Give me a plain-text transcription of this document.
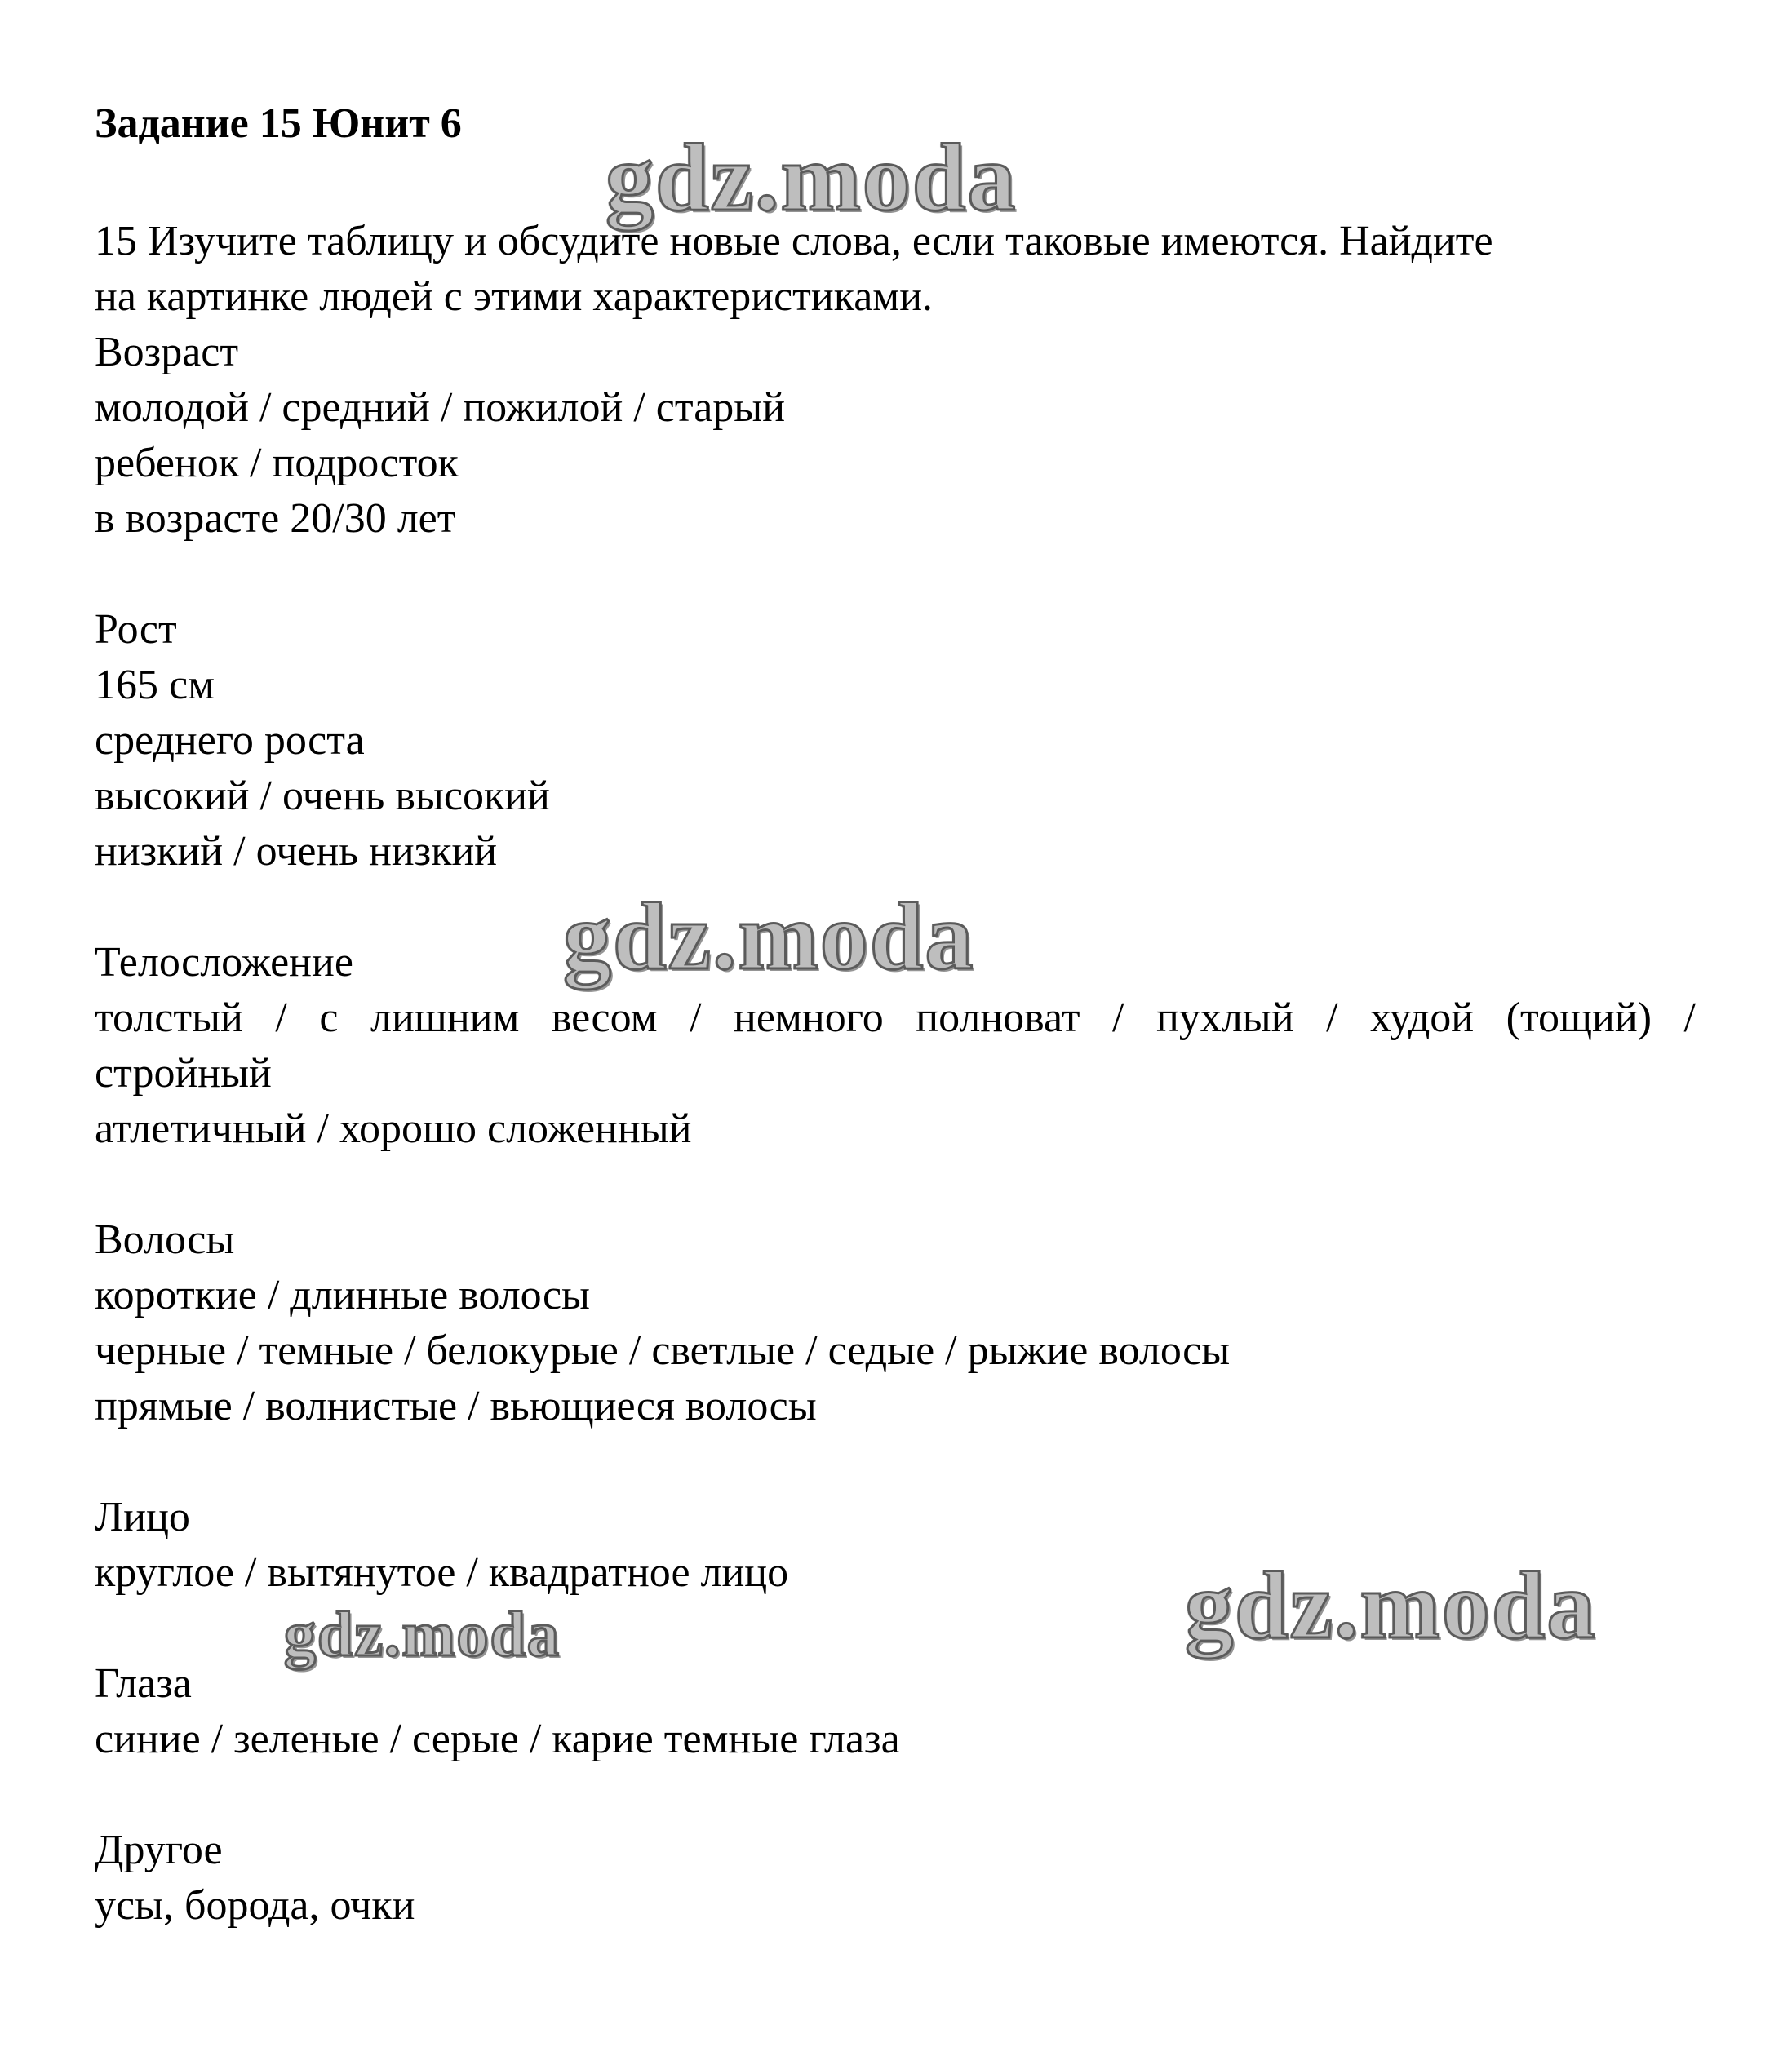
Задание 15 Юнит 6
15 Изучите таблицу и обсудите новые слова, если таковые имеются. Найдите
на картинке людей с этими характеристиками.
Возраст
молодой / средний / пожилой / старый
ребенок / подросток
в возрасте 20/30 лет
Рост
165 см
среднего роста
высокий / очень высокий
низкий / очень низкий
Телосложение
толстый / с лишним весом / немного полноват / пухлый / худой (тощий) /
стройный
атлетичный / хорошо сложенный
Волосы
короткие / длинные волосы
черные / темные / белокурые / светлые / седые / рыжие волосы
прямые / волнистые / вьющиеся волосы
Лицо
круглое / вытянутое / квадратное лицо
Глаза
синие / зеленые / серые / карие темные глаза
Другое
усы, борода, очки
gdz.moda
gdz.moda
gdz.moda
gdz.moda
